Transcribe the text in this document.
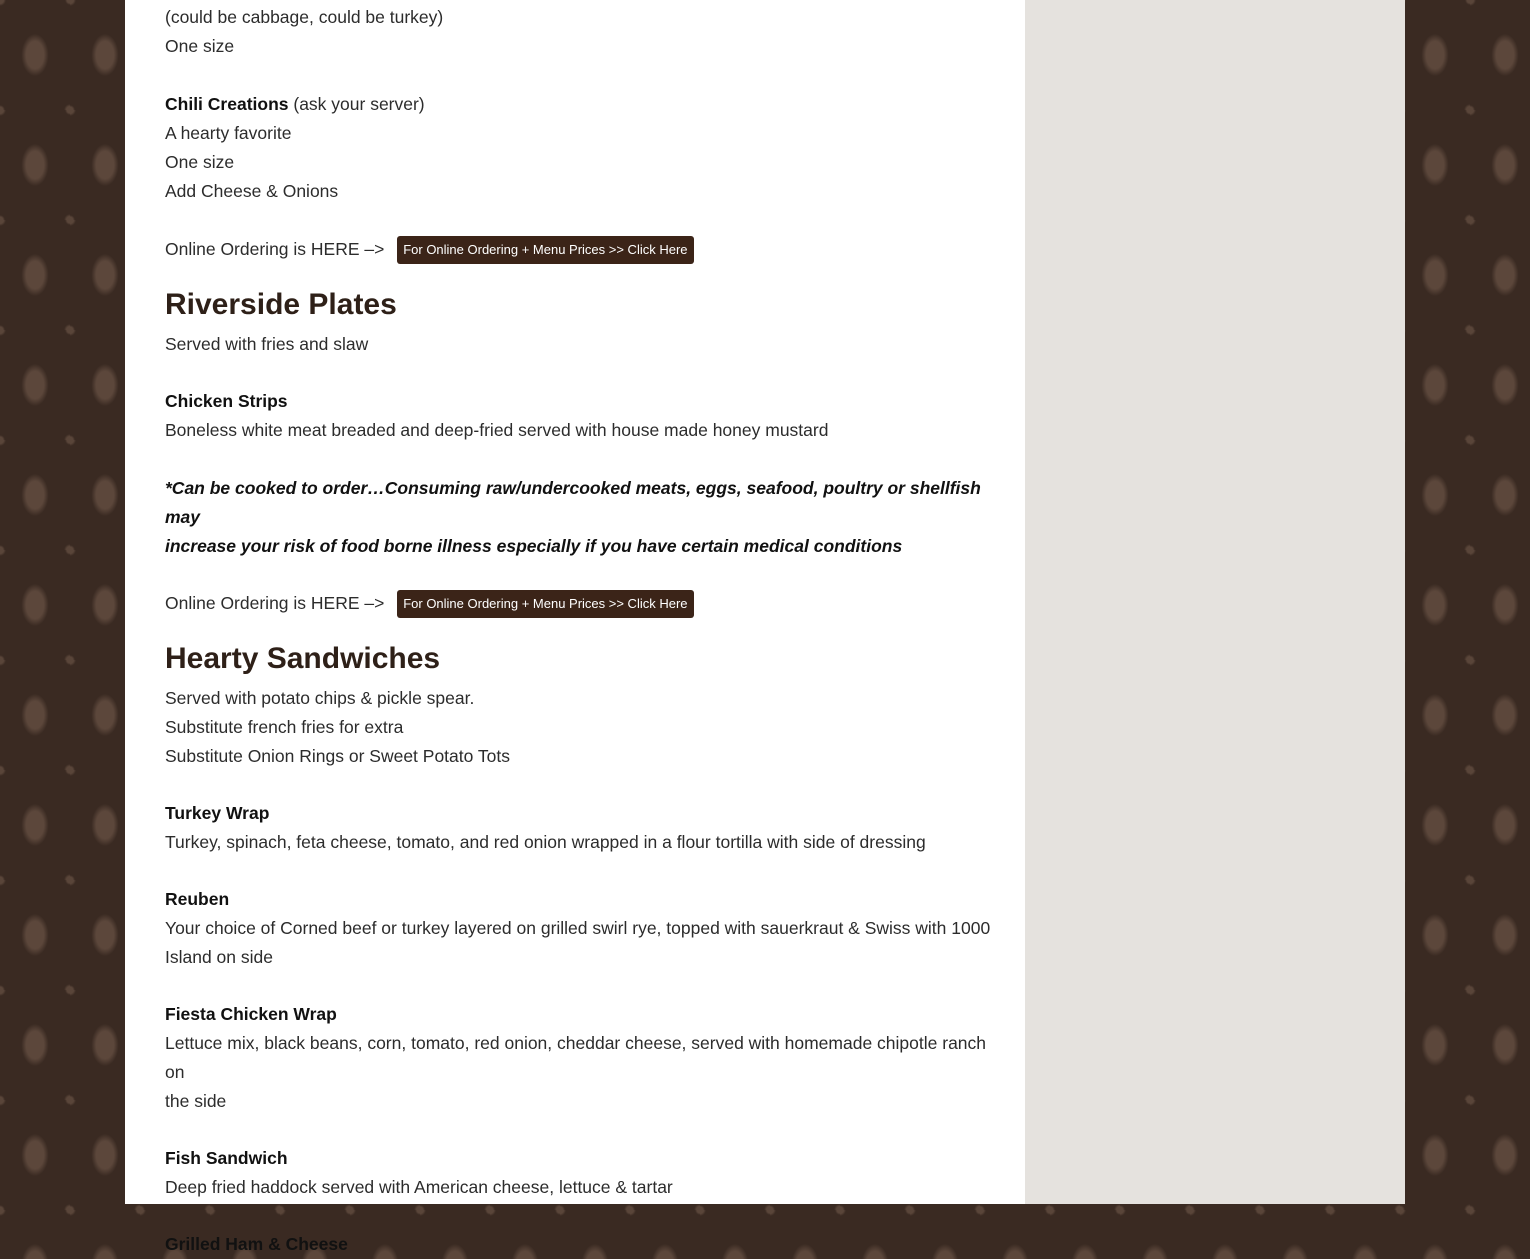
(could be cabbage, could be turkey)
One size

Chili Creations (ask your server)
A hearty favorite
One size
Add Cheese & Onions

Online Ordering is HERE –>	For Online Ordering + Menu Prices >> Click Here
Riverside Plates

Served with fries and slaw

Chicken Strips
Boneless white meat breaded and deep-fried served with house made honey mustard

*Can be cooked to order…Consuming raw/undercooked meats, eggs, seafood, poultry or shellfish may
increase your risk of food borne illness especially if you have certain medical conditions

Online Ordering is HERE –>	For Online Ordering + Menu Prices >> Click Here
Hearty Sandwiches

Served with potato chips & pickle spear.
Substitute french fries for extra
Substitute Onion Rings or Sweet Potato Tots

Turkey Wrap
Turkey, spinach, feta cheese, tomato, and red onion wrapped in a flour tortilla with side of dressing

Reuben
Your choice of Corned beef or turkey layered on grilled swirl rye, topped with sauerkraut & Swiss with 1000
Island on side

Fiesta Chicken Wrap
Lettuce mix, black beans, corn, tomato, red onion, cheddar cheese, served with homemade chipotle ranch on
the side

Fish Sandwich
Deep fried haddock served with American cheese, lettuce & tartar

Grilled Ham & Cheese
